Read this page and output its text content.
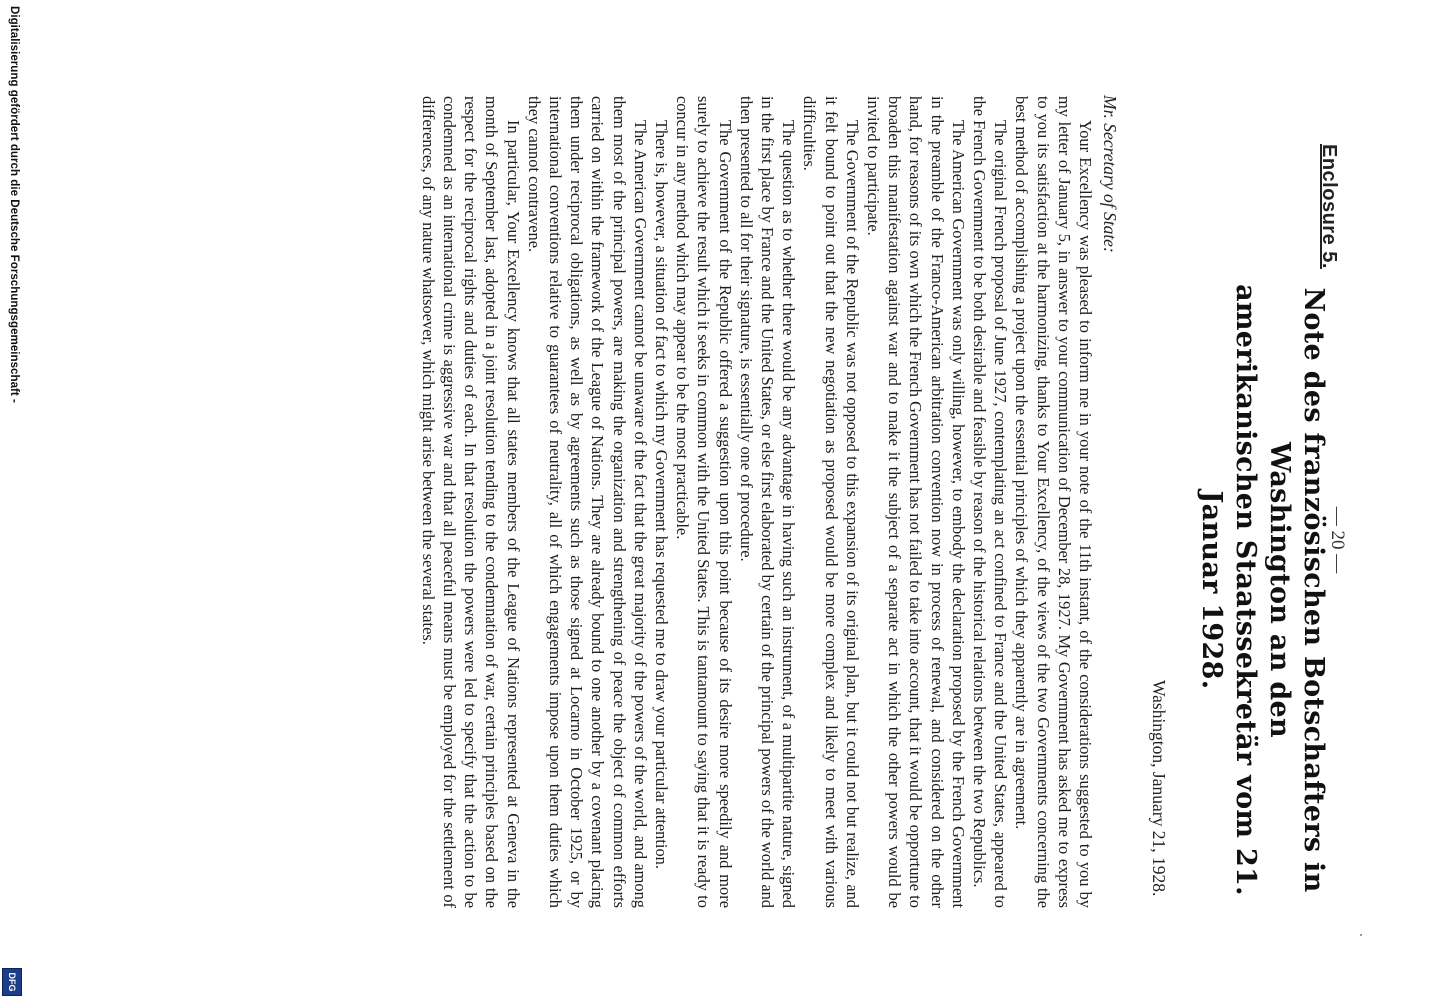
Enclosure 5.
— 20 —
Note des französischen Botschafters in Washington an den
amerikanischen Staatssekretär vom 21. Januar 1928.
Washington, January 21, 1928.
Mr. Secretary of State:

Your Excellency was pleased to inform me in your note of the 11th instant, of the considerations suggested to you by my letter of January 5, in answer to your communication of December 28, 1927. My Government has asked me to express to you its satisfaction at the harmonizing, thanks to Your Excellency, of the views of the two Governments concerning the best method of accomplishing a project upon the essential principles of which they apparently are in agreement.

The original French proposal of June 1927, contemplating an act confined to France and the United States, appeared to the French Government to be both desirable and feasible by reason of the historical relations between the two Republics.

The American Government was only willing, however, to embody the declaration proposed by the French Government in the preamble of the Franco-American arbitration convention now in process of renewal, and considered on the other hand, for reasons of its own which the French Government has not failed to take into account, that it would be opportune to broaden this manifestation against war and to make it the subject of a separate act in which the other powers would be invited to participate.

The Government of the Republic was not opposed to this expansion of its original plan, but it could not but realize, and it felt bound to point out that the new negotiation as proposed would be more complex and likely to meet with various difficulties.

The question as to whether there would be any advantage in having such an instrument, of a multipartite nature, signed in the first place by France and the United States, or else first elaborated by certain of the principal powers of the world and then presented to all for their signature, is essentially one of procedure.

The Government of the Republic offered a suggestion upon this point because of its desire more speedily and more surely to achieve the result which it seeks in common with the United States. This is tantamount to saying that it is ready to concur in any method which may appear to be the most practicable.

There is, however, a situation of fact to which my Government has requested me to draw your particular attention.

The American Government cannot be unaware of the fact that the great majority of the powers of the world, and among them most of the principal powers, are making the organization and strengthening of peace the object of common efforts carried on within the framework of the League of Nations. They are already bound to one another by a covenant placing them under reciprocal obligations, as well as by agreements such as those signed at Locarno in October 1925, or by international conventions relative to guarantees of neutrality, all of which engagements impose upon them duties which they cannot contravene.

In particular, Your Excellency knows that all states members of the League of Nations represented at Geneva in the month of September last, adopted in a joint resolution tending to the condemnation of war, certain principles based on the respect for the reciprocal rights and duties of each. In that resolution the powers were led to specify that the action to be condemned as an international crime is aggressive war and that all peaceful means must be employed for the settlement of differences, of any nature whatsoever, which might arise between the several states.

Digitalisierung gefördert durch die Deutsche Forschungsgemeinschaft -
DFG
